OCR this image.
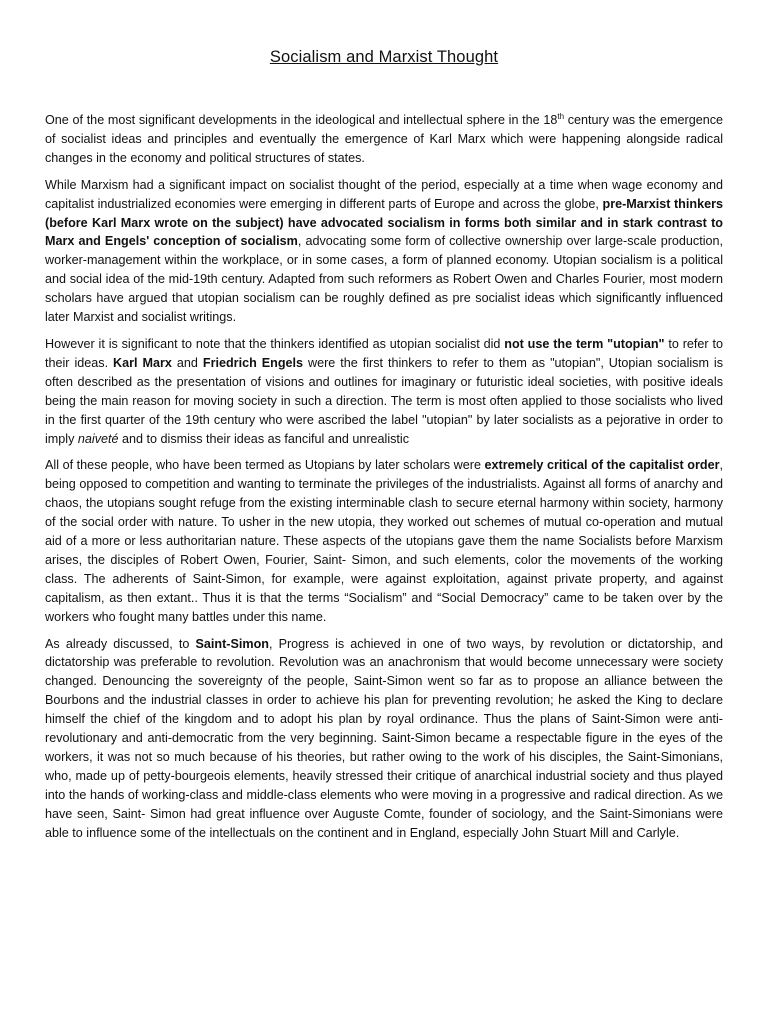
Socialism and Marxist Thought

One of the most significant developments in the ideological and intellectual sphere in the 18th century was the emergence of socialist ideas and principles and eventually the emergence of Karl Marx which were happening alongside radical changes in the economy and political structures of states.

While Marxism had a significant impact on socialist thought of the period, especially at a time when wage economy and capitalist industrialized economies were emerging in different parts of Europe and across the globe, pre-Marxist thinkers (before Karl Marx wrote on the subject) have advocated socialism in forms both similar and in stark contrast to Marx and Engels' conception of socialism, advocating some form of collective ownership over large-scale production, worker-management within the workplace, or in some cases, a form of planned economy. Utopian socialism is a political and social idea of the mid-19th century. Adapted from such reformers as Robert Owen and Charles Fourier, most modern scholars have argued that utopian socialism can be roughly defined as pre socialist ideas which significantly influenced later Marxist and socialist writings.

However it is significant to note that the thinkers identified as utopian socialist did not use the term "utopian" to refer to their ideas. Karl Marx and Friedrich Engels were the first thinkers to refer to them as "utopian", Utopian socialism is often described as the presentation of visions and outlines for imaginary or futuristic ideal societies, with positive ideals being the main reason for moving society in such a direction. The term is most often applied to those socialists who lived in the first quarter of the 19th century who were ascribed the label "utopian" by later socialists as a pejorative in order to imply naiveté and to dismiss their ideas as fanciful and unrealistic

All of these people, who have been termed as Utopians by later scholars were extremely critical of the capitalist order, being opposed to competition and wanting to terminate the privileges of the industrialists. Against all forms of anarchy and chaos, the utopians sought refuge from the existing interminable clash to secure eternal harmony within society, harmony of the social order with nature. To usher in the new utopia, they worked out schemes of mutual co-operation and mutual aid of a more or less authoritarian nature. These aspects of the utopians gave them the name Socialists before Marxism arises, the disciples of Robert Owen, Fourier, Saint- Simon, and such elements, color the movements of the working class. The adherents of Saint-Simon, for example, were against exploitation, against private property, and against capitalism, as then extant.. Thus it is that the terms “Socialism” and “Social Democracy” came to be taken over by the workers who fought many battles under this name.

As already discussed, to Saint-Simon, Progress is achieved in one of two ways, by revolution or dictatorship, and dictatorship was preferable to revolution. Revolution was an anachronism that would become unnecessary were society changed. Denouncing the sovereignty of the people, Saint-Simon went so far as to propose an alliance between the Bourbons and the industrial classes in order to achieve his plan for preventing revolution; he asked the King to declare himself the chief of the kingdom and to adopt his plan by royal ordinance. Thus the plans of Saint-Simon were anti-revolutionary and anti-democratic from the very beginning. Saint-Simon became a respectable figure in the eyes of the workers, it was not so much because of his theories, but rather owing to the work of his disciples, the Saint-Simonians, who, made up of petty-bourgeois elements, heavily stressed their critique of anarchical industrial society and thus played into the hands of working-class and middle-class elements who were moving in a progressive and radical direction. As we have seen, Saint- Simon had great influence over Auguste Comte, founder of sociology, and the Saint-Simonians were able to influence some of the intellectuals on the continent and in England, especially John Stuart Mill and Carlyle.
